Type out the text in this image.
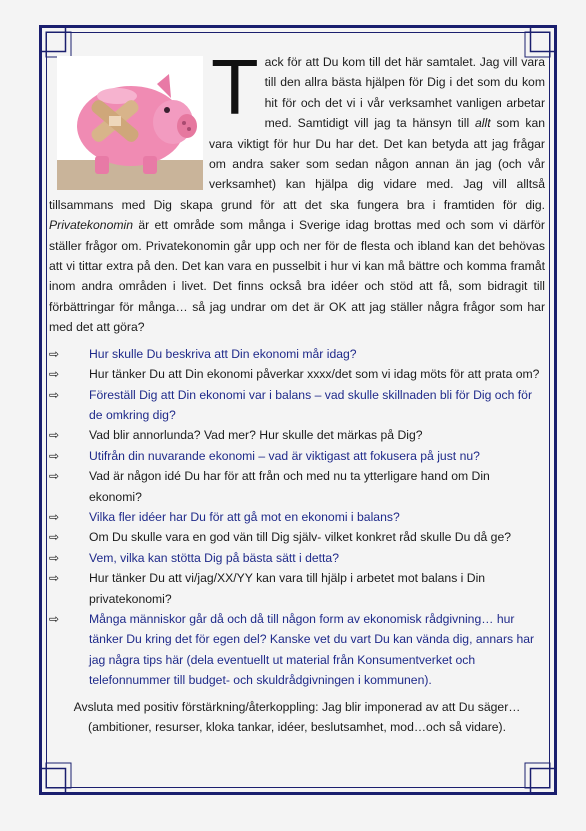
Tack för att Du kom till det här samtalet. Jag vill vara till den allra bästa hjälpen för Dig i det som du kom hit för och det vi i vår verksamhet vanligen arbetar med. Samtidigt vill jag ta hänsyn till allt som kan vara viktigt för hur Du har det. Det kan betyda att jag frågar om andra saker som sedan någon annan än jag (och vår verksamhet) kan hjälpa dig vidare med. Jag vill alltså tillsammans med Dig skapa grund för att det ska fungera bra i framtiden för dig. Privatekonomin är ett område som många i Sverige idag brottas med och som vi därför ställer frågor om. Privatekonomin går upp och ner för de flesta och ibland kan det behövas att vi tittar extra på den. Det kan vara en pusselbit i hur vi kan må bättre och komma framåt inom andra områden i livet. Det finns också bra idéer och stöd att få, som bidragit till förbättringar för många… så jag undrar om det är OK att jag ställer några frågor som har med det att göra?

⇨ Hur skulle Du beskriva att Din ekonomi mår idag?
⇨ Hur tänker Du att Din ekonomi påverkar xxxx/det som vi idag möts för att prata om?
⇨ Föreställ Dig att Din ekonomi var i balans – vad skulle skillnaden bli för Dig och för de omkring dig?
⇨ Vad blir annorlunda? Vad mer? Hur skulle det märkas på Dig?
⇨ Utifrån din nuvarande ekonomi – vad är viktigast att fokusera på just nu?
⇨ Vad är någon idé Du har för att från och med nu ta ytterligare hand om Din ekonomi?
⇨ Vilka fler idéer har Du för att gå mot en ekonomi i balans?
⇨ Om Du skulle vara en god vän till Dig själv- vilket konkret råd skulle Du då ge?
⇨ Vem, vilka kan stötta Dig på bästa sätt i detta?
⇨ Hur tänker Du att vi/jag/XX/YY kan vara till hjälp i arbetet mot balans i Din privatekonomi?
⇨ Många människor går då och då till någon form av ekonomisk rådgivning… hur tänker Du kring det för egen del? Kanske vet du vart Du kan vända dig, annars har jag några tips här (dela eventuellt ut material från Konsumentverket och telefonnummer till budget- och skuldrådgivningen i kommunen).

Avsluta med positiv förstärkning/återkoppling: Jag blir imponerad av att Du säger… (ambitioner, resurser, kloka tankar, idéer, beslutsamhet, mod…och så vidare).
